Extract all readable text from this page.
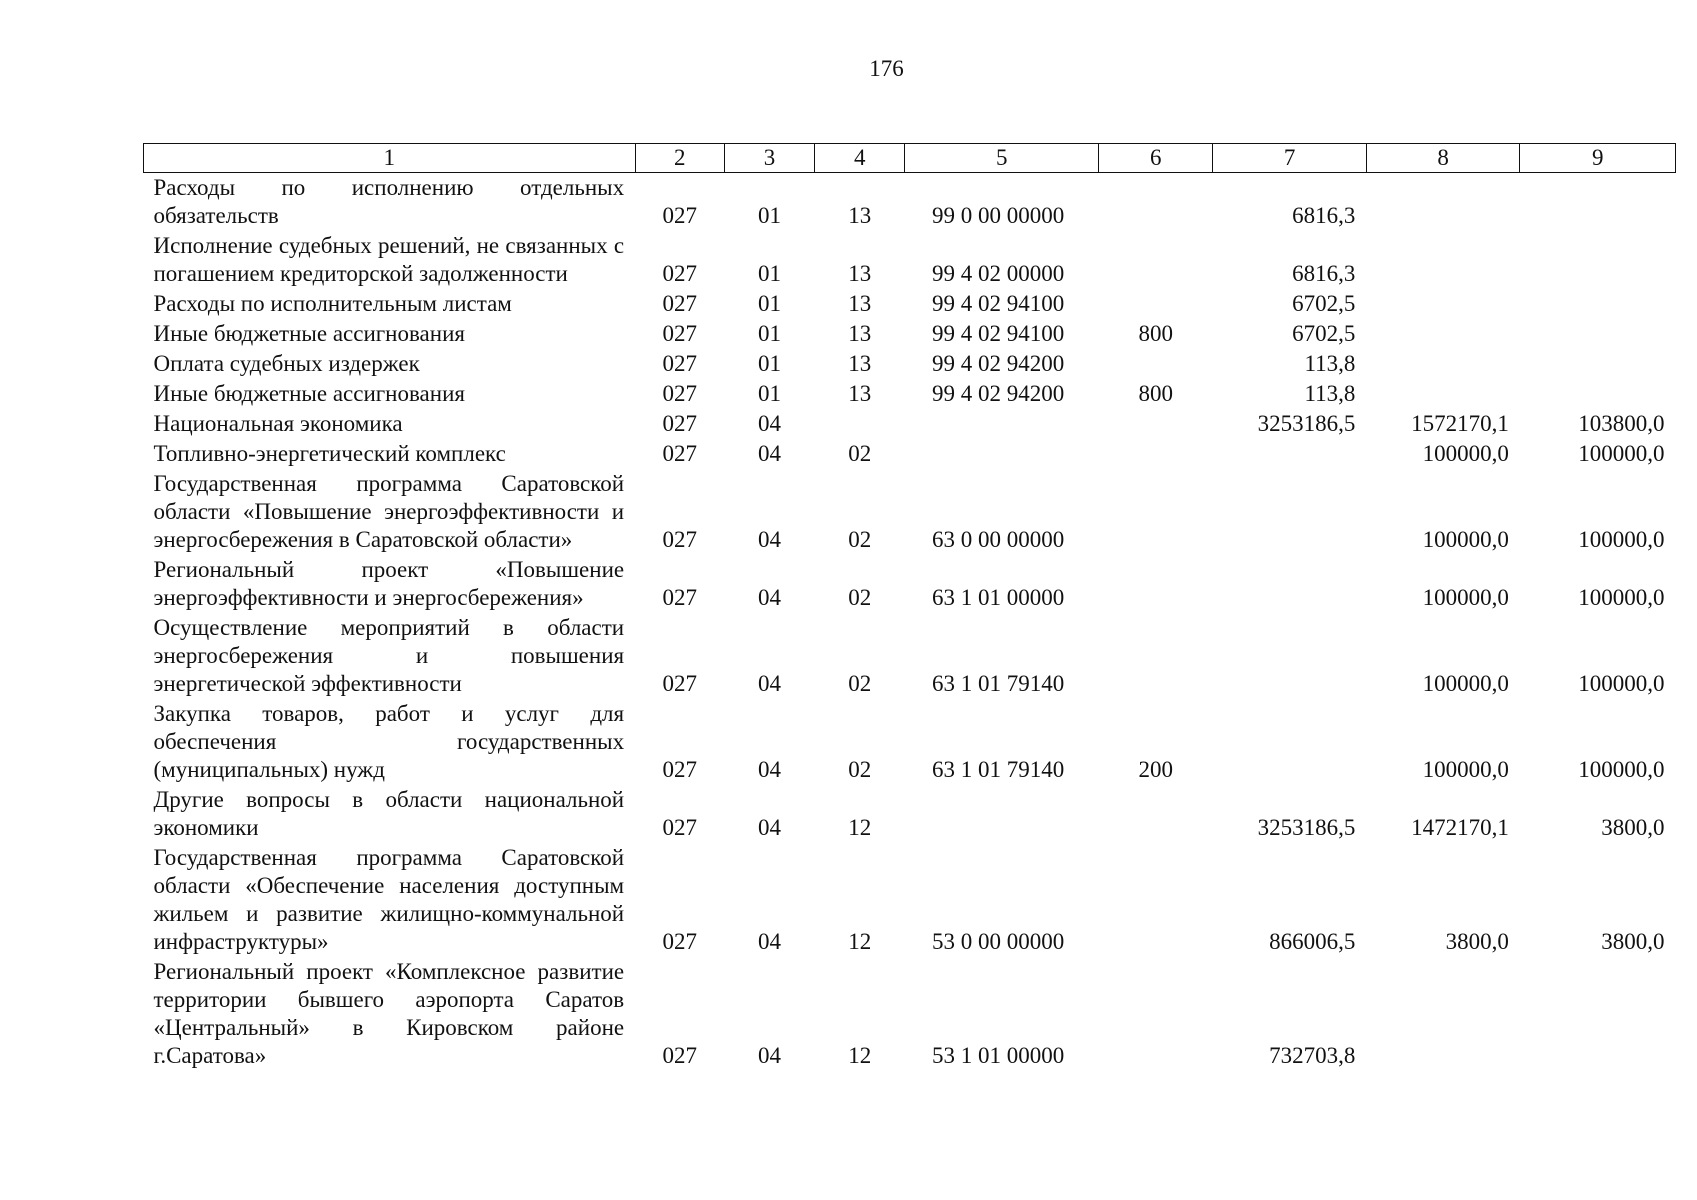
176
1	2	3	4	5	6	7	8	9
Расходы по исполнению отдельных обязательств	027	01	13	99 0 00 00000		6816,3		
Исполнение судебных решений, не связанных с погашением кредиторской задолженности	027	01	13	99 4 02 00000		6816,3		
Расходы по исполнительным листам	027	01	13	99 4 02 94100		6702,5		
Иные бюджетные ассигнования	027	01	13	99 4 02 94100	800	6702,5		
Оплата судебных издержек	027	01	13	99 4 02 94200		113,8		
Иные бюджетные ассигнования	027	01	13	99 4 02 94200	800	113,8		
Национальная экономика	027	04				3253186,5	1572170,1	103800,0
Топливно-энергетический комплекс	027	04	02				100000,0	100000,0
Государственная программа Саратовской области «Повышение энергоэффективности и энергосбережения в Саратовской области»	027	04	02	63 0 00 00000			100000,0	100000,0
Региональный проект «Повышение энергоэффективности и энергосбережения»	027	04	02	63 1 01 00000			100000,0	100000,0
Осуществление мероприятий в области энергосбережения и повышения энергетической эффективности	027	04	02	63 1 01 79140			100000,0	100000,0
Закупка товаров, работ и услуг для обеспечения государственных (муниципальных) нужд	027	04	02	63 1 01 79140	200		100000,0	100000,0
Другие вопросы в области национальной экономики	027	04	12			3253186,5	1472170,1	3800,0
Государственная программа Саратовской области «Обеспечение населения доступным жильем и развитие жилищно-коммунальной инфраструктуры»	027	04	12	53 0 00 00000		866006,5	3800,0	3800,0
Региональный проект «Комплексное развитие территории бывшего аэропорта Саратов «Центральный» в Кировском районе г.Саратова»	027	04	12	53 1 01 00000		732703,8		
